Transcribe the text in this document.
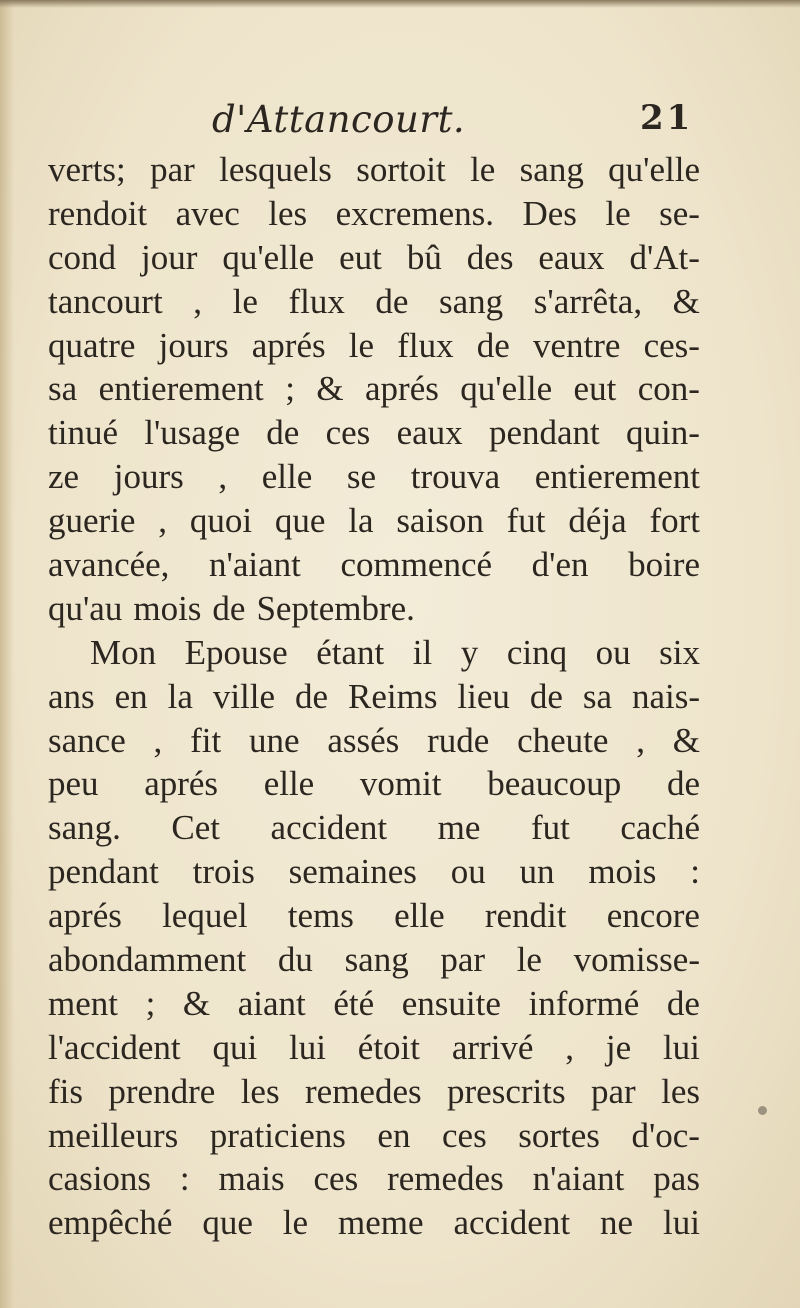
d'Attancourt.	21
verts; par lesquels sortoit le sang qu'elle
rendoit avec les excremens. Des le se-
cond jour qu'elle eut bû des eaux d'At-
tancourt , le flux de sang s'arrêta, &
quatre jours aprés le flux de ventre ces-
sa entierement ; & aprés qu'elle eut con-
tinué l'usage de ces eaux pendant quin-
ze jours , elle se trouva entierement
guerie , quoi que la saison fut déja fort
avancée, n'aiant commencé d'en boire
qu'au mois de Septembre.
Mon Epouse étant il y cinq ou six
ans en la ville de Reims lieu de sa nais-
sance , fit une assés rude cheute , &
peu aprés elle vomit beaucoup de
sang. Cet accident me fut caché
pendant trois semaines ou un mois :
aprés lequel tems elle rendit encore
abondamment du sang par le vomisse-
ment ; & aiant été ensuite informé de
l'accident qui lui étoit arrivé , je lui
fis prendre les remedes prescrits par les
meilleurs praticiens en ces sortes d'oc-
casions : mais ces remedes n'aiant pas
empêché que le meme accident ne lui
